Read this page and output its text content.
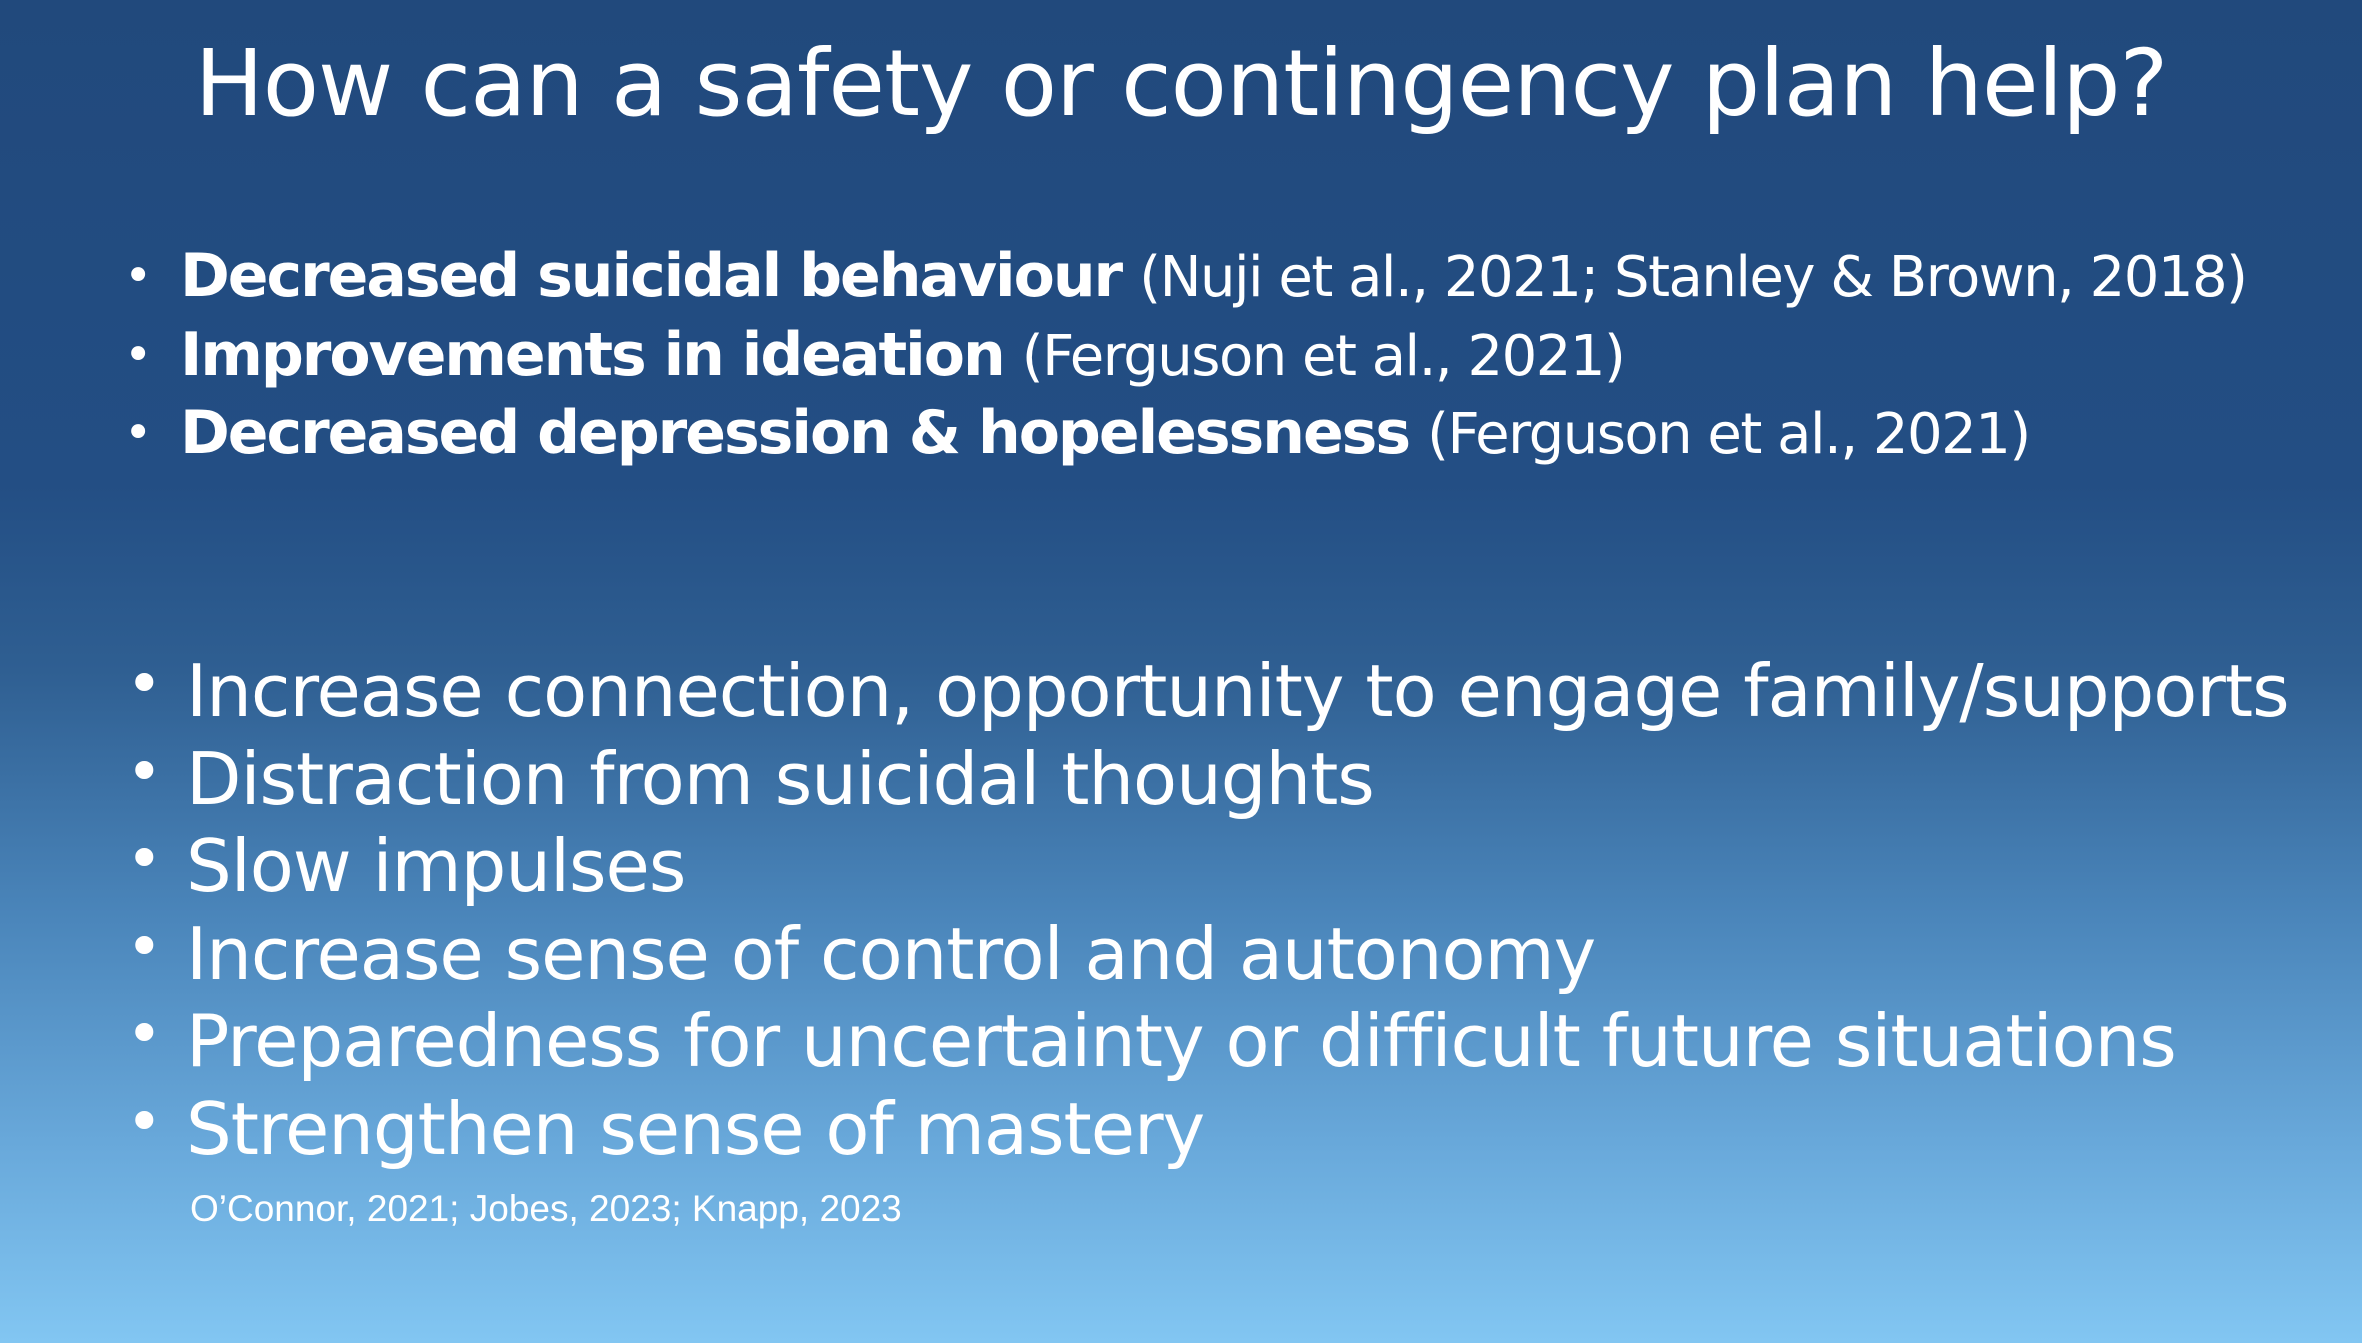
How can a safety or contingency plan help?
• Decreased suicidal behaviour (Nuji et al., 2021; Stanley & Brown, 2018)
• Improvements in ideation (Ferguson et al., 2021)
• Decreased depression & hopelessness (Ferguson et al., 2021)
• Increase connection, opportunity to engage family/supports
• Distraction from suicidal thoughts
• Slow impulses
• Increase sense of control and autonomy
• Preparedness for uncertainty or difficult future situations
• Strengthen sense of mastery
O’Connor, 2021; Jobes, 2023; Knapp, 2023
